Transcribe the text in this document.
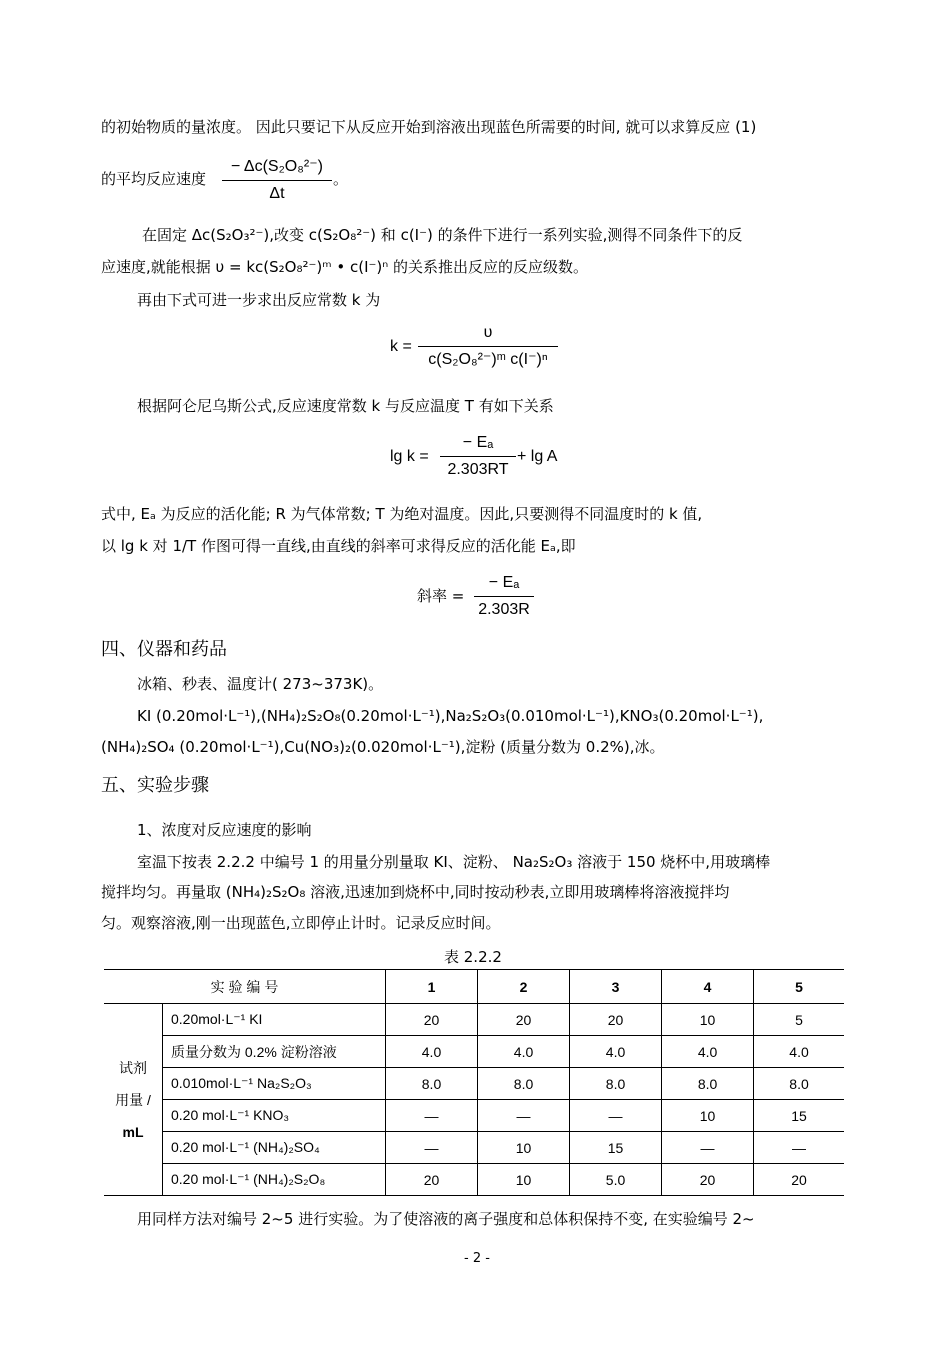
的初始物质的量浓度。 因此只要记下从反应开始到溶液出现蓝色所需要的时间, 就可以求算反应 (1)
的平均反应速度
− Δc(S₂O₈²⁻)
Δt
。
在固定 Δc(S₂O₃²⁻),改变 c(S₂O₈²⁻) 和 c(I⁻) 的条件下进行一系列实验,测得不同条件下的反
应速度,就能根据 υ = kc(S₂O₈²⁻)ᵐ • c(I⁻)ⁿ 的关系推出反应的反应级数。
再由下式可进一步求出反应常数 k 为
k =
υ
c(S₂O₈²⁻)ᵐ c(I⁻)ⁿ
根据阿仑尼乌斯公式,反应速度常数 k 与反应温度 T 有如下关系
lg k =
− Eₐ
2.303RT
+ lg A
式中, Eₐ 为反应的活化能; R 为气体常数; T 为绝对温度。因此,只要测得不同温度时的 k 值,
以 lg k 对 1/T 作图可得一直线,由直线的斜率可求得反应的活化能 Eₐ,即
斜率 =
− Eₐ
2.303R
四、仪器和药品
冰箱、秒表、温度计( 273~373K)。
KI (0.20mol·L⁻¹),(NH₄)₂S₂O₈(0.20mol·L⁻¹),Na₂S₂O₃(0.010mol·L⁻¹),KNO₃(0.20mol·L⁻¹),
(NH₄)₂SO₄ (0.20mol·L⁻¹),Cu(NO₃)₂(0.020mol·L⁻¹),淀粉 (质量分数为 0.2%),冰。
五、实验步骤
1、浓度对反应速度的影响
室温下按表 2.2.2 中编号 1 的用量分别量取 KI、淀粉、 Na₂S₂O₃ 溶液于 150 烧杯中,用玻璃棒
搅拌均匀。再量取 (NH₄)₂S₂O₈ 溶液,迅速加到烧杯中,同时按动秒表,立即用玻璃棒将溶液搅拌均
匀。观察溶液,刚一出现蓝色,立即停止计时。记录反应时间。
表 2.2.2
实 验 编 号		1	2	3	4	5
试剂
用量 /
mL	0.20mol·L⁻¹ KI	20	20	20	10	5
	质量分数为 0.2% 淀粉溶液	4.0	4.0	4.0	4.0	4.0
	0.010mol·L⁻¹ Na₂S₂O₃	8.0	8.0	8.0	8.0	8.0
	0.20 mol·L⁻¹ KNO₃	—	—	—	10	15
	0.20 mol·L⁻¹ (NH₄)₂SO₄	—	10	15	—	—
	0.20 mol·L⁻¹ (NH₄)₂S₂O₈	20	10	5.0	20	20
用同样方法对编号 2~5 进行实验。为了使溶液的离子强度和总体积保持不变, 在实验编号 2~
- 2 -
